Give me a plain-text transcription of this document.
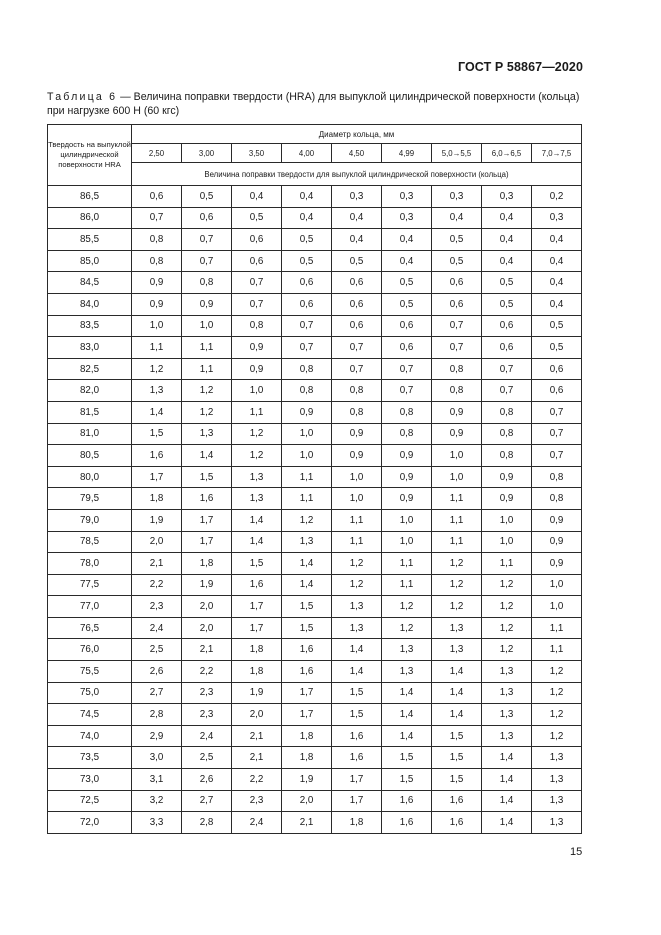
ГОСТ Р 58867—2020
Таблица 6 — Величина поправки твердости (HRA) для выпуклой цилиндрической поверхности (кольца) при нагрузке 600 Н (60 кгс)
Твердость на выпуклой цилиндрической поверхности HRA	Диаметр кольца, мм								
	2,50	3,00	3,50	4,00	4,50	4,99	5,0→5,5	6,0→6,5	7,0→7,5
	Величина поправки твердости для выпуклой цилиндрической поверхности (кольца)								
86,5	0,6	0,5	0,4	0,4	0,3	0,3	0,3	0,3	0,2
86,0	0,7	0,6	0,5	0,4	0,4	0,3	0,4	0,4	0,3
85,5	0,8	0,7	0,6	0,5	0,4	0,4	0,5	0,4	0,4
85,0	0,8	0,7	0,6	0,5	0,5	0,4	0,5	0,4	0,4
84,5	0,9	0,8	0,7	0,6	0,6	0,5	0,6	0,5	0,4
84,0	0,9	0,9	0,7	0,6	0,6	0,5	0,6	0,5	0,4
83,5	1,0	1,0	0,8	0,7	0,6	0,6	0,7	0,6	0,5
83,0	1,1	1,1	0,9	0,7	0,7	0,6	0,7	0,6	0,5
82,5	1,2	1,1	0,9	0,8	0,7	0,7	0,8	0,7	0,6
82,0	1,3	1,2	1,0	0,8	0,8	0,7	0,8	0,7	0,6
81,5	1,4	1,2	1,1	0,9	0,8	0,8	0,9	0,8	0,7
81,0	1,5	1,3	1,2	1,0	0,9	0,8	0,9	0,8	0,7
80,5	1,6	1,4	1,2	1,0	0,9	0,9	1,0	0,8	0,7
80,0	1,7	1,5	1,3	1,1	1,0	0,9	1,0	0,9	0,8
79,5	1,8	1,6	1,3	1,1	1,0	0,9	1,1	0,9	0,8
79,0	1,9	1,7	1,4	1,2	1,1	1,0	1,1	1,0	0,9
78,5	2,0	1,7	1,4	1,3	1,1	1,0	1,1	1,0	0,9
78,0	2,1	1,8	1,5	1,4	1,2	1,1	1,2	1,1	0,9
77,5	2,2	1,9	1,6	1,4	1,2	1,1	1,2	1,2	1,0
77,0	2,3	2,0	1,7	1,5	1,3	1,2	1,2	1,2	1,0
76,5	2,4	2,0	1,7	1,5	1,3	1,2	1,3	1,2	1,1
76,0	2,5	2,1	1,8	1,6	1,4	1,3	1,3	1,2	1,1
75,5	2,6	2,2	1,8	1,6	1,4	1,3	1,4	1,3	1,2
75,0	2,7	2,3	1,9	1,7	1,5	1,4	1,4	1,3	1,2
74,5	2,8	2,3	2,0	1,7	1,5	1,4	1,4	1,3	1,2
74,0	2,9	2,4	2,1	1,8	1,6	1,4	1,5	1,3	1,2
73,5	3,0	2,5	2,1	1,8	1,6	1,5	1,5	1,4	1,3
73,0	3,1	2,6	2,2	1,9	1,7	1,5	1,5	1,4	1,3
72,5	3,2	2,7	2,3	2,0	1,7	1,6	1,6	1,4	1,3
72,0	3,3	2,8	2,4	2,1	1,8	1,6	1,6	1,4	1,3
15
